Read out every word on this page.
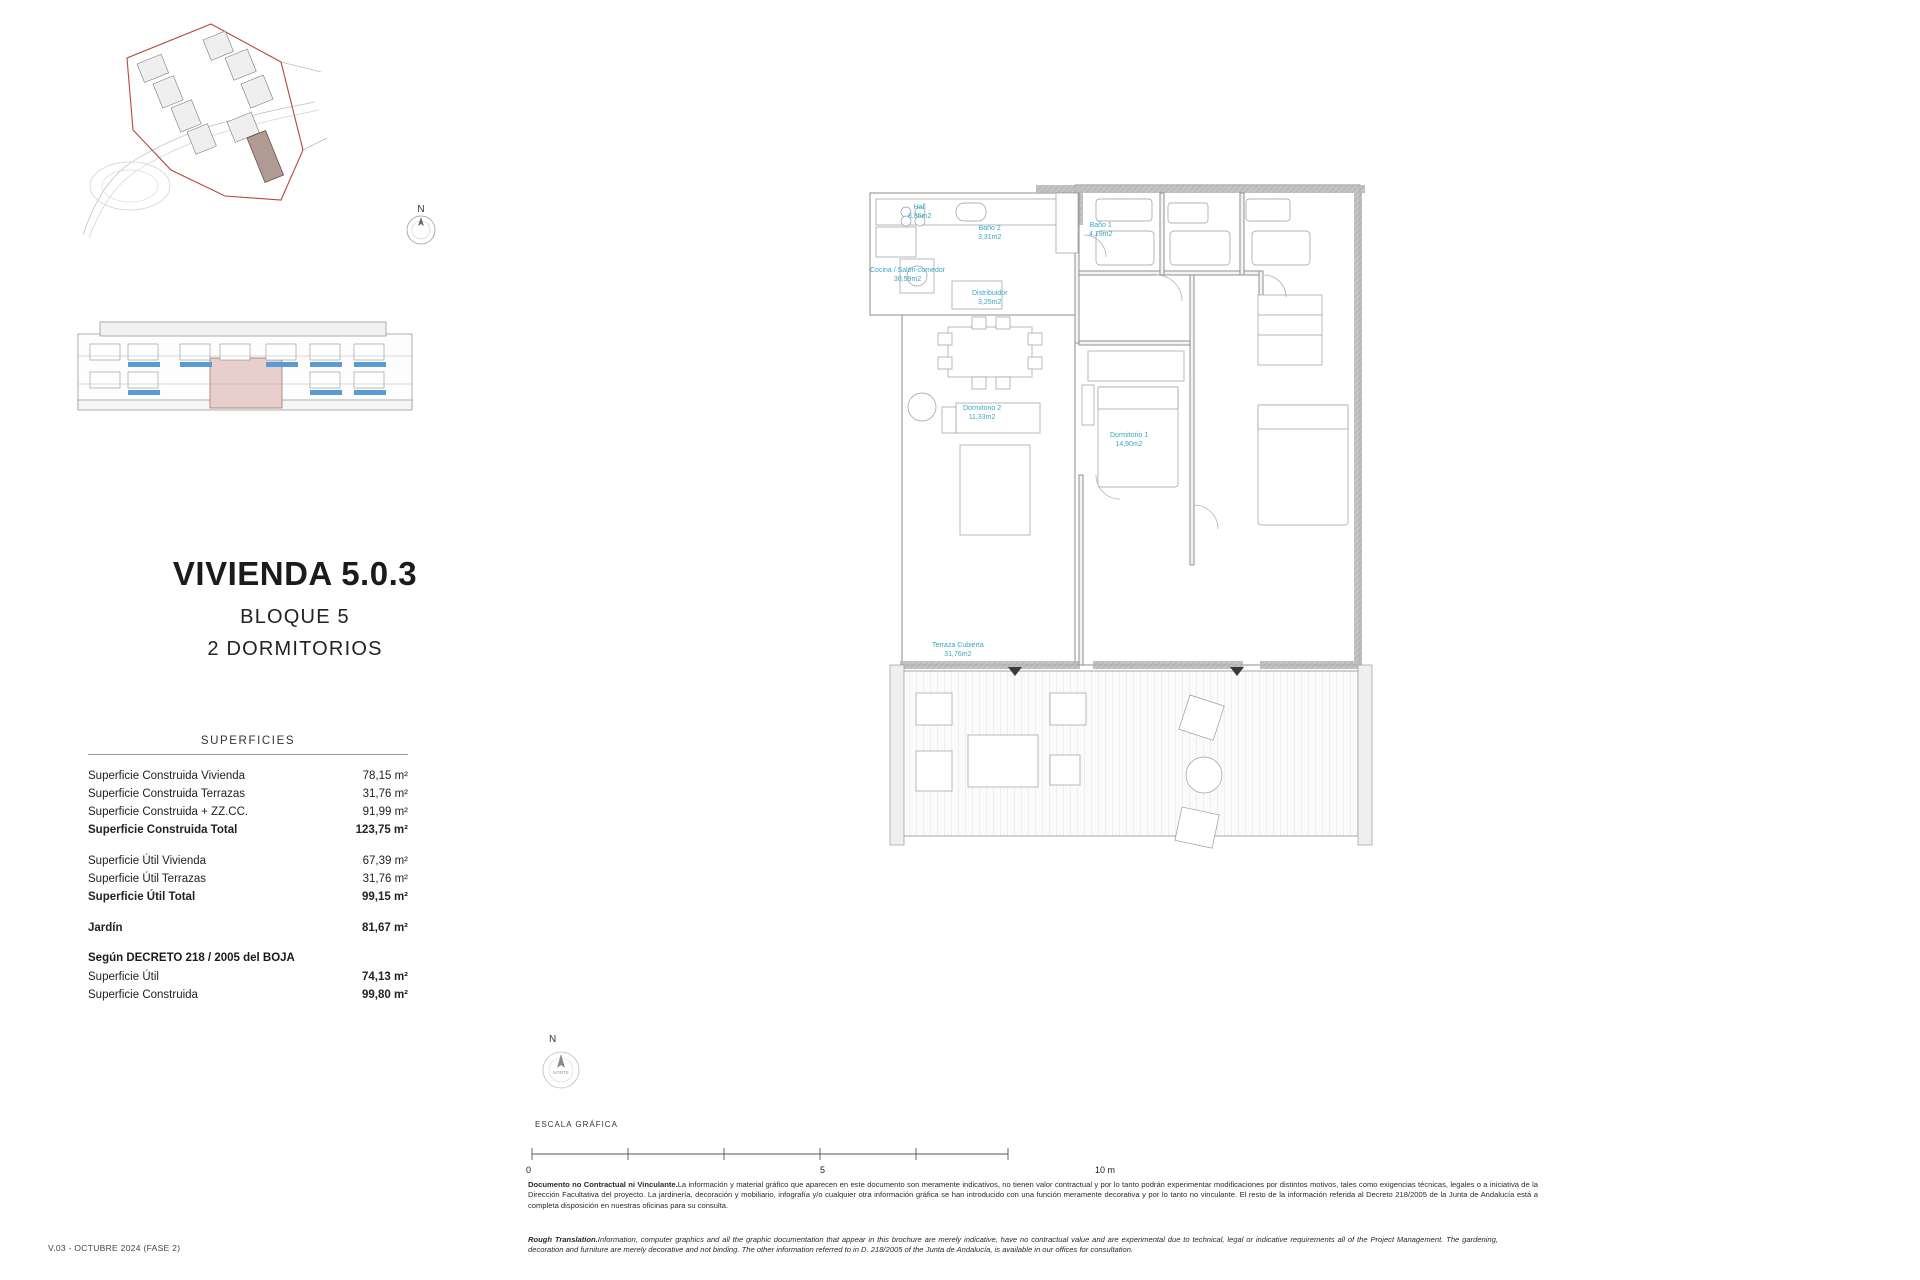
N
VIVIENDA 5.0.3
BLOQUE 5
2 DORMITORIOS
SUPERFICIES
Superficie Construida Vivienda	78,15 m²
Superficie Construida Terrazas	31,76 m²
Superficie Construida + ZZ.CC.	91,99 m²
Superficie Construida Total	123,75 m²
Superficie Útil Vivienda	67,39 m²
Superficie Útil Terrazas	31,76 m²
Superficie Útil Total	99,15 m²
Jardín	81,67 m²
Según DECRETO 218 / 2005 del BOJA
Superficie Útil	74,13 m²
Superficie Construida	99,80 m²
V.03 - OCTUBRE 2024 (FASE 2)
Hall
6,85m2
Baño 2
3,31m2
Baño 1
4,19m2
Cocina / Salón-comedor
30,59m2
Distribuidor
3,25m2
Dormitorio 2
11,33m2
Dormitorio 1
14,90m2
Terraza Cubierta
31,76m2
N
NORTE
ESCALA GRÁFICA
0	5	10 m
Documento no Contractual ni Vinculante.La información y material gráfico que aparecen en este documento son meramente indicativos, no tienen valor contractual y por lo tanto podrán experimentar modificaciones por distintos motivos, tales como exigencias técnicas, legales o a iniciativa de la Dirección Facultativa del proyecto. La jardinería, decoración y mobiliario, infografía y/o cualquier otra información gráfica se han introducido con una función meramente decorativa y por lo tanto no vinculante. El resto de la información referida al Decreto 218/2005 de la Junta de Andalucía está a completa disposición en nuestras oficinas para su consulta.
Rough Translation.Information, computer graphics and all the graphic documentation that appear in this brochure are merely indicative, have no contractual value and are experimental due to technical, legal or indicative requirements all of the Project Management. The gardening, decoration and furniture are merely decorative and not binding. The other information referred to in D. 218/2005 of the Junta de Andalucía, is available in our offices for consultation.
